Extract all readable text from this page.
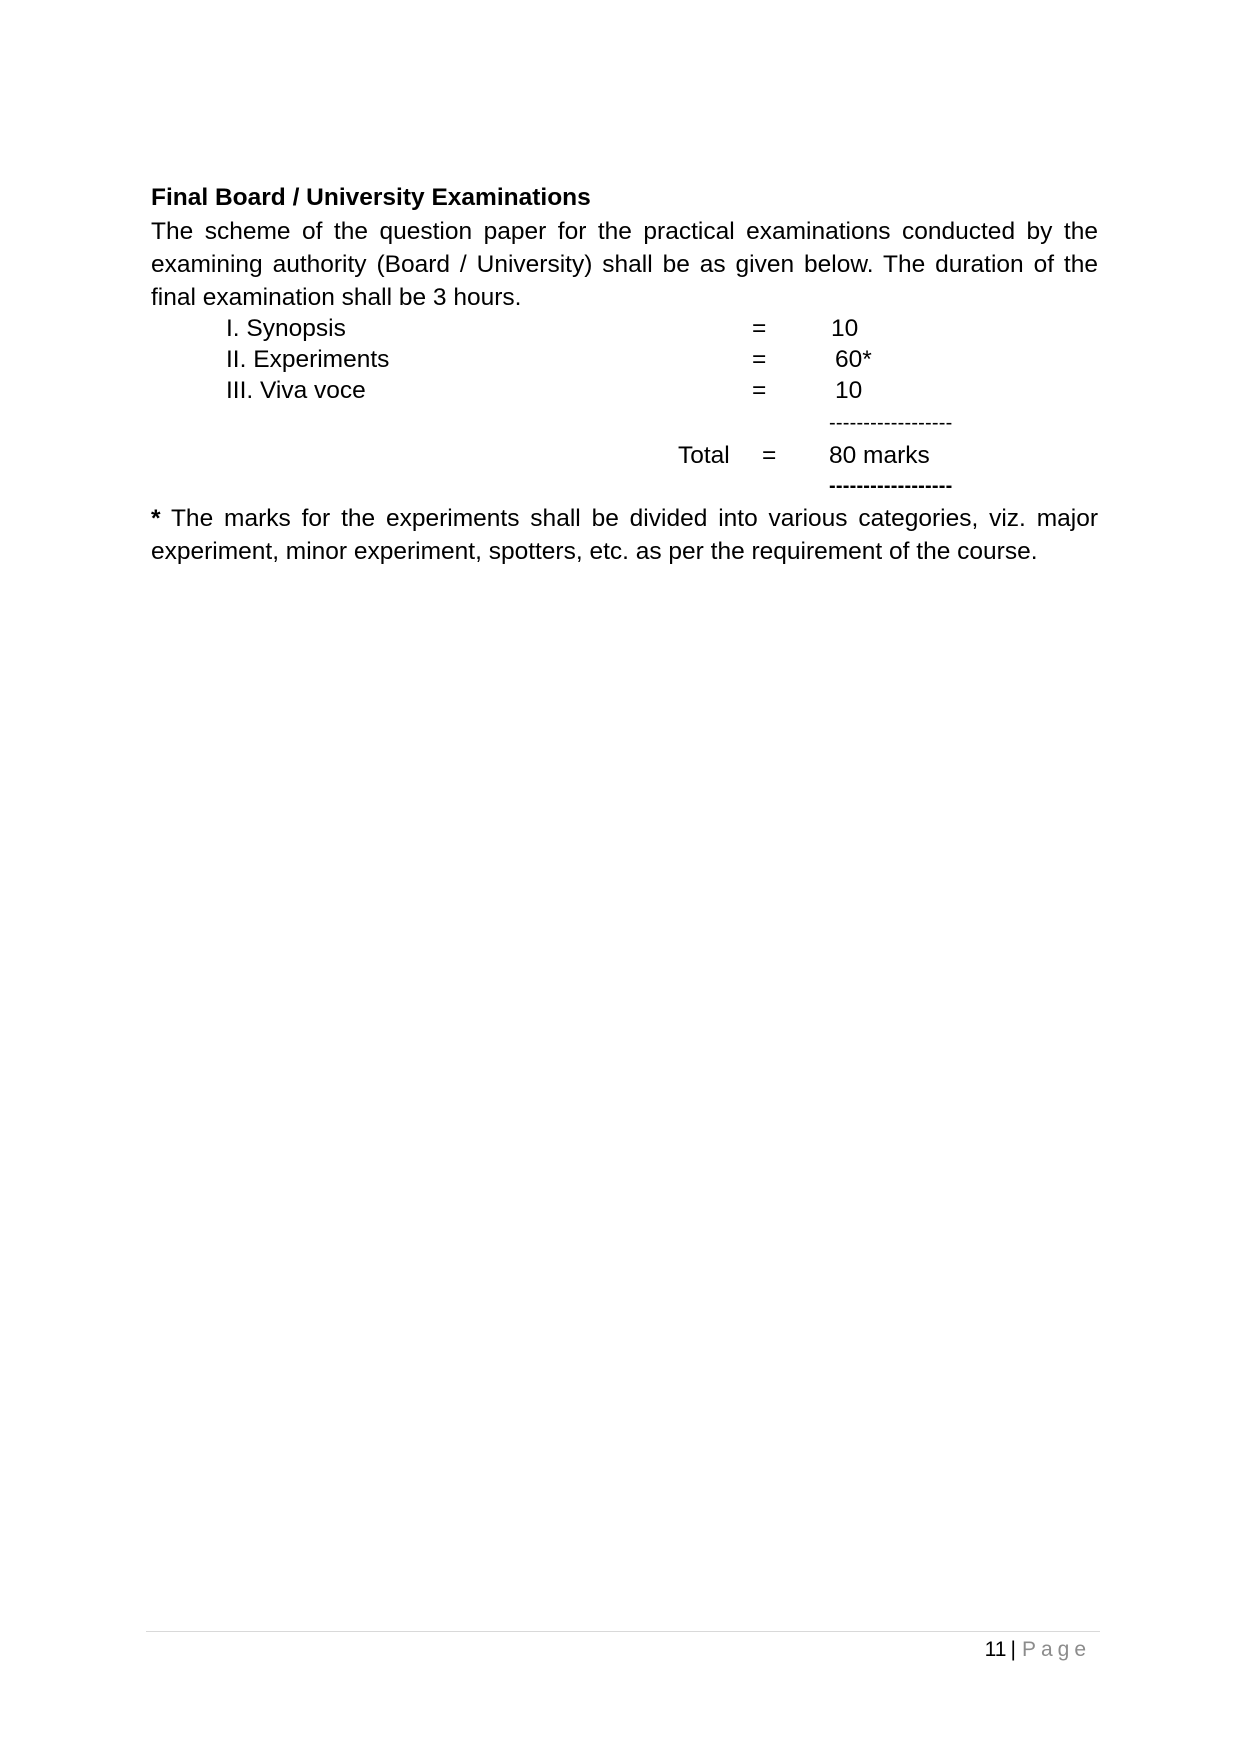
Final Board / University Examinations
The scheme of the question paper for the practical examinations conducted by the
examining authority (Board / University) shall be as given below. The duration of the
final examination shall be 3 hours.
I. Synopsis	=	10
II. Experiments	=	60*
III. Viva voce	=	10
------------------
Total = 80 marks
------------------
* The marks for the experiments shall be divided into various categories, viz. major
experiment, minor experiment, spotters, etc. as per the requirement of the course.
11 | Page
